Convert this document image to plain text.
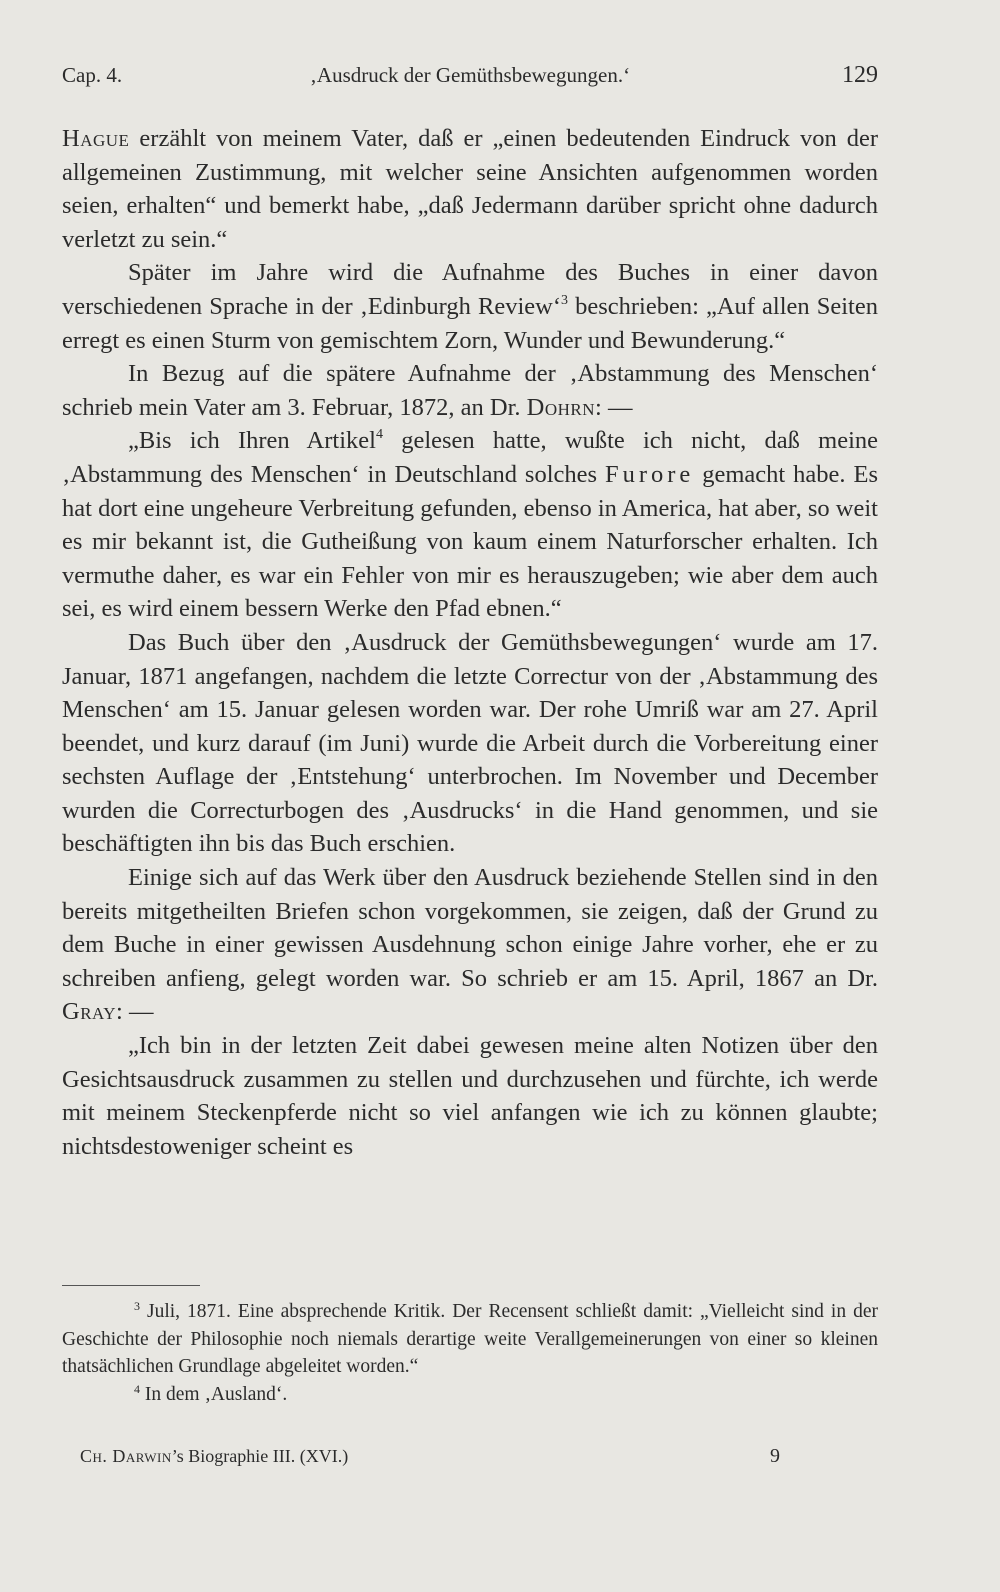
Cap. 4.	‚Ausdruck der Gemüthsbewegungen.‘	129

Hague erzählt von meinem Vater, daß er „einen bedeutenden Eindruck von der allgemeinen Zustimmung, mit welcher seine Ansichten aufgenommen worden seien, erhalten“ und bemerkt habe, „daß Jedermann darüber spricht ohne dadurch verletzt zu sein.“

Später im Jahre wird die Aufnahme des Buches in einer davon verschiedenen Sprache in der ‚Edinburgh Review‘$^3$ beschrieben: „Auf allen Seiten erregt es einen Sturm von gemischtem Zorn, Wunder und Bewunderung.“

In Bezug auf die spätere Aufnahme der ‚Abstammung des Menschen‘ schrieb mein Vater am 3. Februar, 1872, an Dr. Dohrn: —

„Bis ich Ihren Artikel$^4$ gelesen hatte, wußte ich nicht, daß meine ‚Abstammung des Menschen‘ in Deutschland solches Furore gemacht habe. Es hat dort eine ungeheure Verbreitung gefunden, ebenso in America, hat aber, so weit es mir bekannt ist, die Gutheißung von kaum einem Naturforscher erhalten. Ich vermuthe daher, es war ein Fehler von mir es herauszugeben; wie aber dem auch sei, es wird einem bessern Werke den Pfad ebnen.“

Das Buch über den ‚Ausdruck der Gemüthsbewegungen‘ wurde am 17. Januar, 1871 angefangen, nachdem die letzte Correctur von der ‚Abstammung des Menschen‘ am 15. Januar gelesen worden war. Der rohe Umriß war am 27. April beendet, und kurz darauf (im Juni) wurde die Arbeit durch die Vorbereitung einer sechsten Auflage der ‚Entstehung‘ unterbrochen. Im November und December wurden die Correcturbogen des ‚Ausdrucks‘ in die Hand genommen, und sie beschäftigten ihn bis das Buch erschien.

Einige sich auf das Werk über den Ausdruck beziehende Stellen sind in den bereits mitgetheilten Briefen schon vorgekommen, sie zeigen, daß der Grund zu dem Buche in einer gewissen Ausdehnung schon einige Jahre vorher, ehe er zu schreiben anfieng, gelegt worden war. So schrieb er am 15. April, 1867 an Dr. Gray: —

„Ich bin in der letzten Zeit dabei gewesen meine alten Notizen über den Gesichtsausdruck zusammen zu stellen und durchzusehen und fürchte, ich werde mit meinem Steckenpferde nicht so viel anfangen wie ich zu können glaubte; nichtsdestoweniger scheint es

$^3$ Juli, 1871. Eine absprechende Kritik. Der Recensent schließt damit: „Vielleicht sind in der Geschichte der Philosophie noch niemals derartige weite Verallgemeinerungen von einer so kleinen thatsächlichen Grundlage abgeleitet worden.“

$^4$ In dem ‚Ausland‘.

Ch. Darwin’s Biographie III. (XVI.)	9
